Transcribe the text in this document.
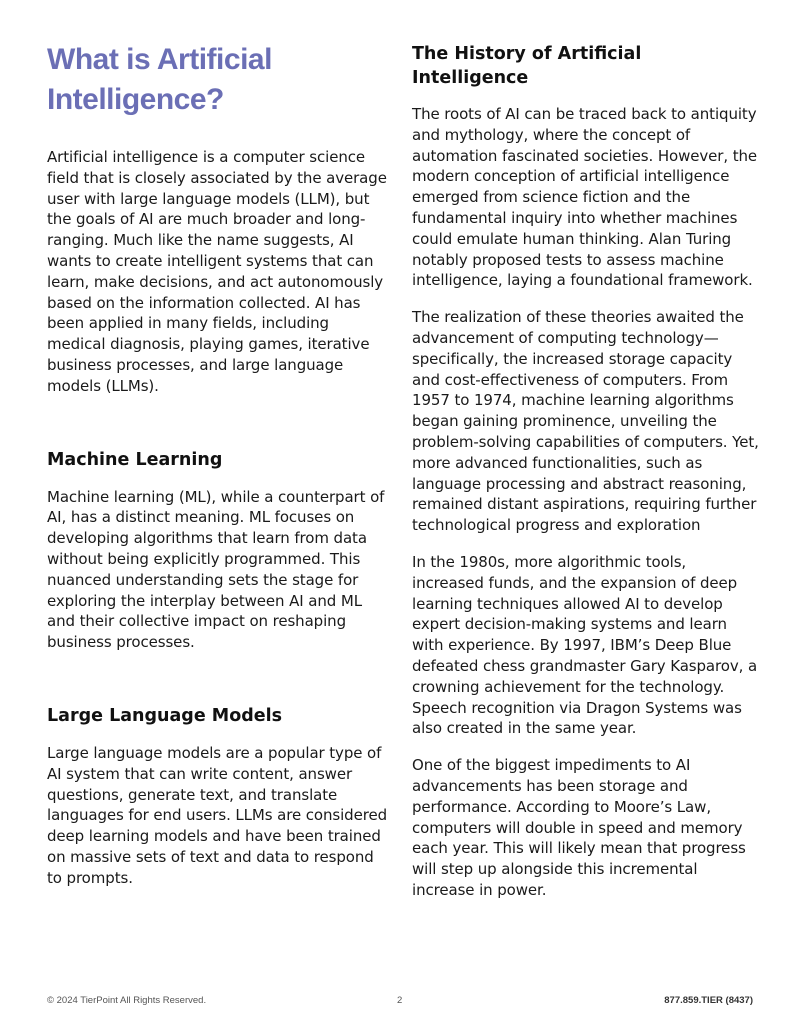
What is Artificial
Intelligence?

Artificial intelligence is a computer science field that is closely associated by the average user with large language models (LLM), but the goals of AI are much broader and long-ranging. Much like the name suggests, AI wants to create intelligent systems that can learn, make decisions, and act autonomously based on the information collected. AI has been applied in many fields, including medical diagnosis, playing games, iterative business processes, and large language models (LLMs).

Machine Learning

Machine learning (ML), while a counterpart of AI, has a distinct meaning. ML focuses on developing algorithms that learn from data without being explicitly programmed. This nuanced understanding sets the stage for exploring the interplay between AI and ML and their collective impact on reshaping business processes.

Large Language Models

Large language models are a popular type of AI system that can write content, answer questions, generate text, and translate languages for end users. LLMs are considered deep learning models and have been trained on massive sets of text and data to respond to prompts.

The History of Artificial Intelligence

The roots of AI can be traced back to antiquity and mythology, where the concept of automation fascinated societies. However, the modern conception of artificial intelligence emerged from science fiction and the fundamental inquiry into whether machines could emulate human thinking. Alan Turing notably proposed tests to assess machine intelligence, laying a foundational framework.

The realization of these theories awaited the advancement of computing technology—specifically, the increased storage capacity and cost-effectiveness of computers. From 1957 to 1974, machine learning algorithms began gaining prominence, unveiling the problem-solving capabilities of computers. Yet, more advanced functionalities, such as language processing and abstract reasoning, remained distant aspirations, requiring further technological progress and exploration

In the 1980s, more algorithmic tools, increased funds, and the expansion of deep learning techniques allowed AI to develop expert decision-making systems and learn with experience. By 1997, IBM’s Deep Blue defeated chess grandmaster Gary Kasparov, a crowning achievement for the technology. Speech recognition via Dragon Systems was also created in the same year.

One of the biggest impediments to AI advancements has been storage and performance. According to Moore’s Law, computers will double in speed and memory each year. This will likely mean that progress will step up alongside this incremental increase in power.

© 2024 TierPoint All Rights Reserved.	2	877.859.TIER (8437)
